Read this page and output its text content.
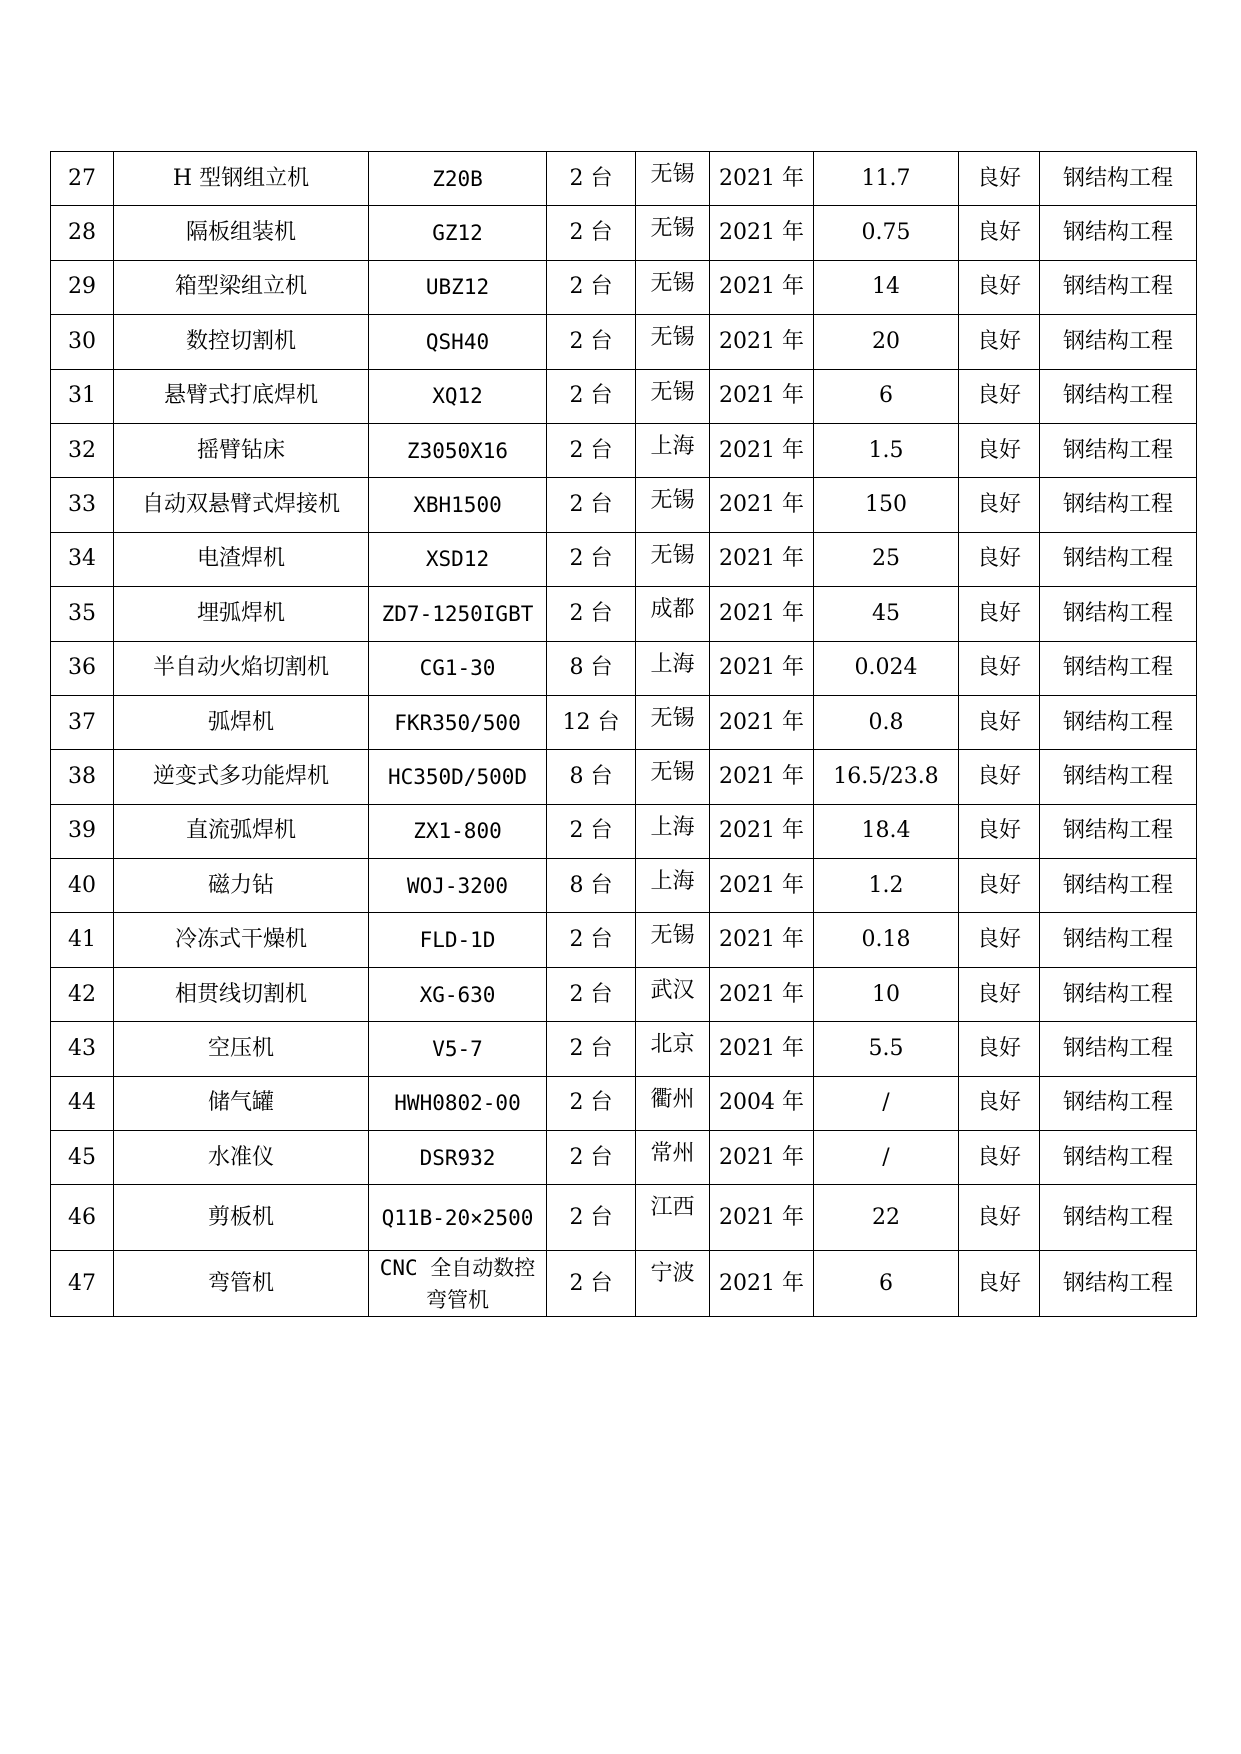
27	H 型钢组立机	Z20B	2 台	无锡	2021 年	11.7	良好	钢结构工程
28	隔板组装机	GZ12	2 台	无锡	2021 年	0.75	良好	钢结构工程
29	箱型梁组立机	UBZ12	2 台	无锡	2021 年	14	良好	钢结构工程
30	数控切割机	QSH40	2 台	无锡	2021 年	20	良好	钢结构工程
31	悬臂式打底焊机	XQ12	2 台	无锡	2021 年	6	良好	钢结构工程
32	摇臂钻床	Z3050X16	2 台	上海	2021 年	1.5	良好	钢结构工程
33	自动双悬臂式焊接机	XBH1500	2 台	无锡	2021 年	150	良好	钢结构工程
34	电渣焊机	XSD12	2 台	无锡	2021 年	25	良好	钢结构工程
35	埋弧焊机	ZD7-1250IGBT	2 台	成都	2021 年	45	良好	钢结构工程
36	半自动火焰切割机	CG1-30	8 台	上海	2021 年	0.024	良好	钢结构工程
37	弧焊机	FKR350/500	12 台	无锡	2021 年	0.8	良好	钢结构工程
38	逆变式多功能焊机	HC350D/500D	8 台	无锡	2021 年	16.5/23.8	良好	钢结构工程
39	直流弧焊机	ZX1-800	2 台	上海	2021 年	18.4	良好	钢结构工程
40	磁力钻	WOJ-3200	8 台	上海	2021 年	1.2	良好	钢结构工程
41	冷冻式干燥机	FLD-1D	2 台	无锡	2021 年	0.18	良好	钢结构工程
42	相贯线切割机	XG-630	2 台	武汉	2021 年	10	良好	钢结构工程
43	空压机	V5-7	2 台	北京	2021 年	5.5	良好	钢结构工程
44	储气罐	HWH0802-00	2 台	衢州	2004 年	/	良好	钢结构工程
45	水准仪	DSR932	2 台	常州	2021 年	/	良好	钢结构工程
46	剪板机	Q11B-20×2500	2 台	江西	2021 年	22	良好	钢结构工程
47	弯管机	CNC 全自动数控弯管机	2 台	宁波	2021 年	6	良好	钢结构工程
